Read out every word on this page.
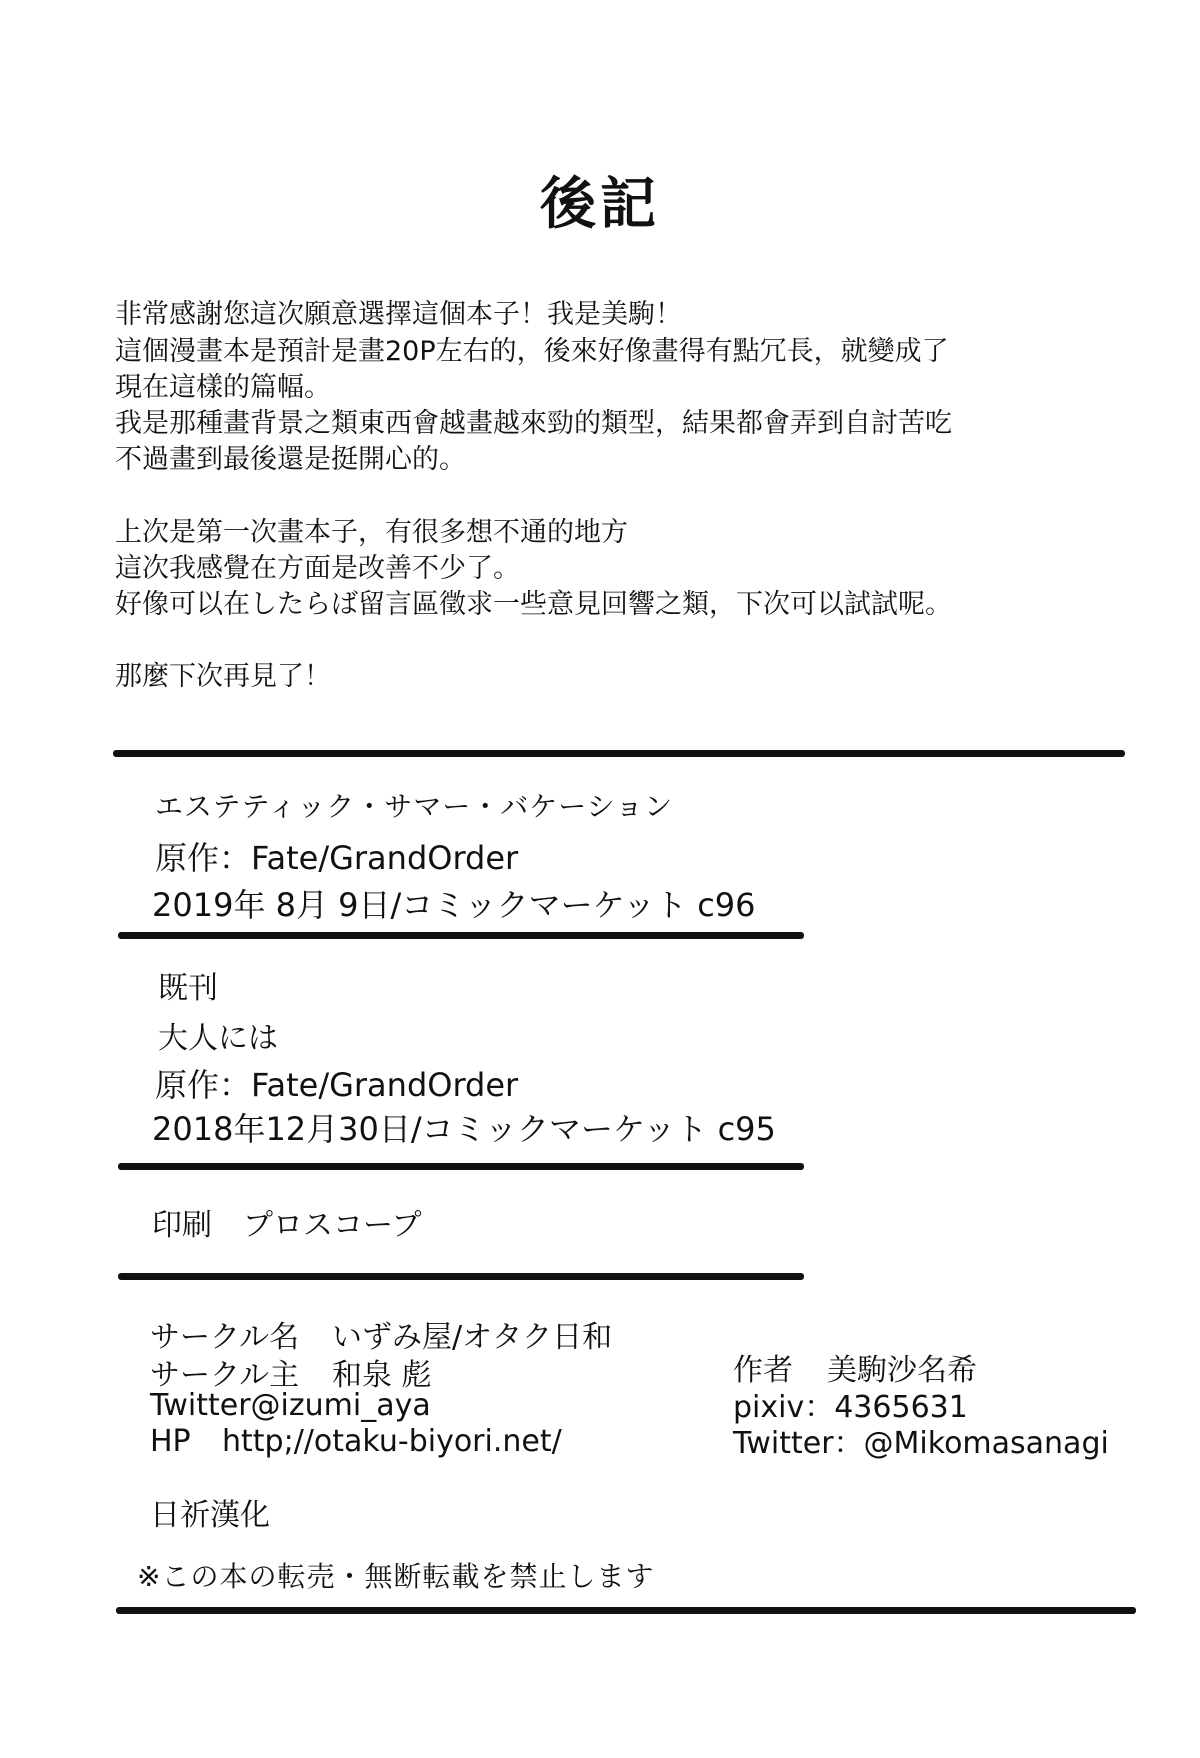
後記
非常感謝您這次願意選擇這個本子！我是美駒！
這個漫畫本是預計是畫20P左右的，後來好像畫得有點冗長，就變成了
現在這樣的篇幅。
我是那種畫背景之類東西會越畫越來勁的類型，結果都會弄到自討苦吃
不過畫到最後還是挺開心的。
上次是第一次畫本子，有很多想不通的地方
這次我感覺在方面是改善不少了。
好像可以在したらば留言區徵求一些意見回響之類，下次可以試試呢。
那麼下次再見了！
エステティック・サマー・バケーション
原作：Fate/GrandOrder
2019年 8月 9日/コミックマーケット c96
既刊
大人には
原作：Fate/GrandOrder
2018年12月30日/コミックマーケット c95
印刷 プロスコープ
サークル名 いずみ屋/オタク日和
サークル主 和泉 彪
Twitter@izumi_aya
HP http;//otaku-biyori.net/
作者 美駒沙名希
pixiv：4365631
Twitter：@Mikomasanagi
日祈漢化
※この本の転売・無断転載を禁止します
